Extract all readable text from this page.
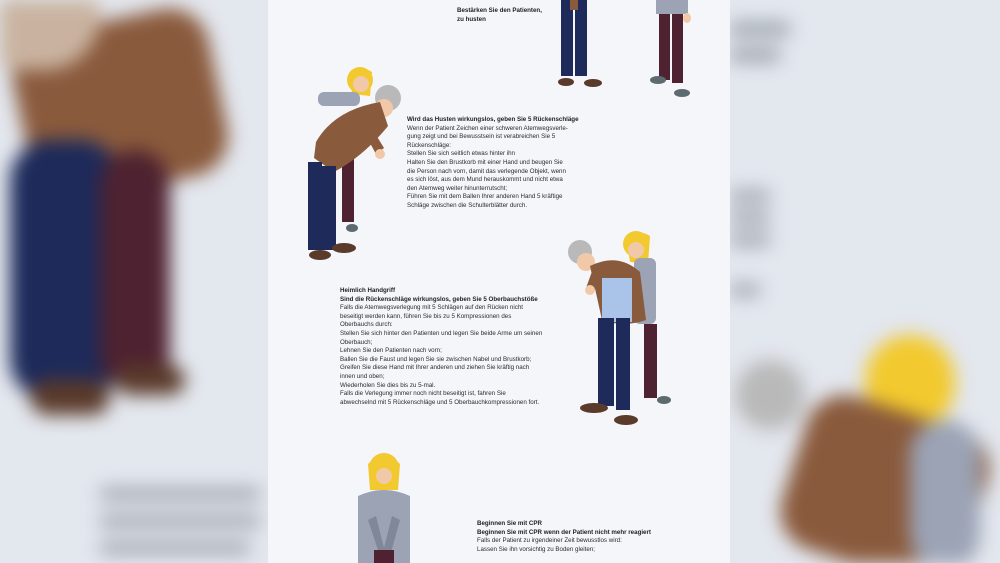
Bestärken Sie den Patienten,
zu husten
Wird das Husten wirkungslos, geben Sie 5 Rückenschläge
Wenn der Patient Zeichen einer schweren Atemwegsverle-
gung zeigt und bei Bewusstsein ist verabreichen Sie 5
Rückenschläge:
Stellen Sie sich seitlich etwas hinter ihn
Halten Sie den Brustkorb mit einer Hand und beugen Sie
die Person nach vorn, damit das verlegende Objekt, wenn
es sich löst, aus dem Mund herauskommt und nicht etwa
den Atemweg weiter hinunterrutscht;
Führen Sie mit dem Ballen Ihrer anderen Hand 5 kräftige
Schläge zwischen die Schulterblätter durch.
Heimlich Handgriff
Sind die Rückenschläge wirkungslos, geben Sie 5 Oberbauchstöße
Falls die Atemwegsverlegung mit 5 Schlägen auf den Rücken nicht
beseitigt werden kann, führen Sie bis zu 5 Kompressionen des
Oberbauchs durch:
Stellen Sie sich hinter den Patienten und legen Sie beide Arme um seinen
Oberbauch;
Lehnen Sie den Patienten nach vorn;
Ballen Sie die Faust und legen Sie sie zwischen Nabel und Brustkorb;
Greifen Sie diese Hand mit Ihrer anderen und ziehen Sie kräftig nach
innen und oben;
Wiederholen Sie dies bis zu 5-mal.
Falls die Verlegung immer noch nicht beseitigt ist, fahren Sie
abwechselnd mit 5 Rückenschläge und 5 Oberbauchkompressionen fort.
Beginnen Sie mit CPR
Beginnen Sie mit CPR wenn der Patient nicht mehr reagiert
Falls der Patient zu irgendeiner Zeit bewusstlos wird:
Lassen Sie ihn vorsichtig zu Boden gleiten;
